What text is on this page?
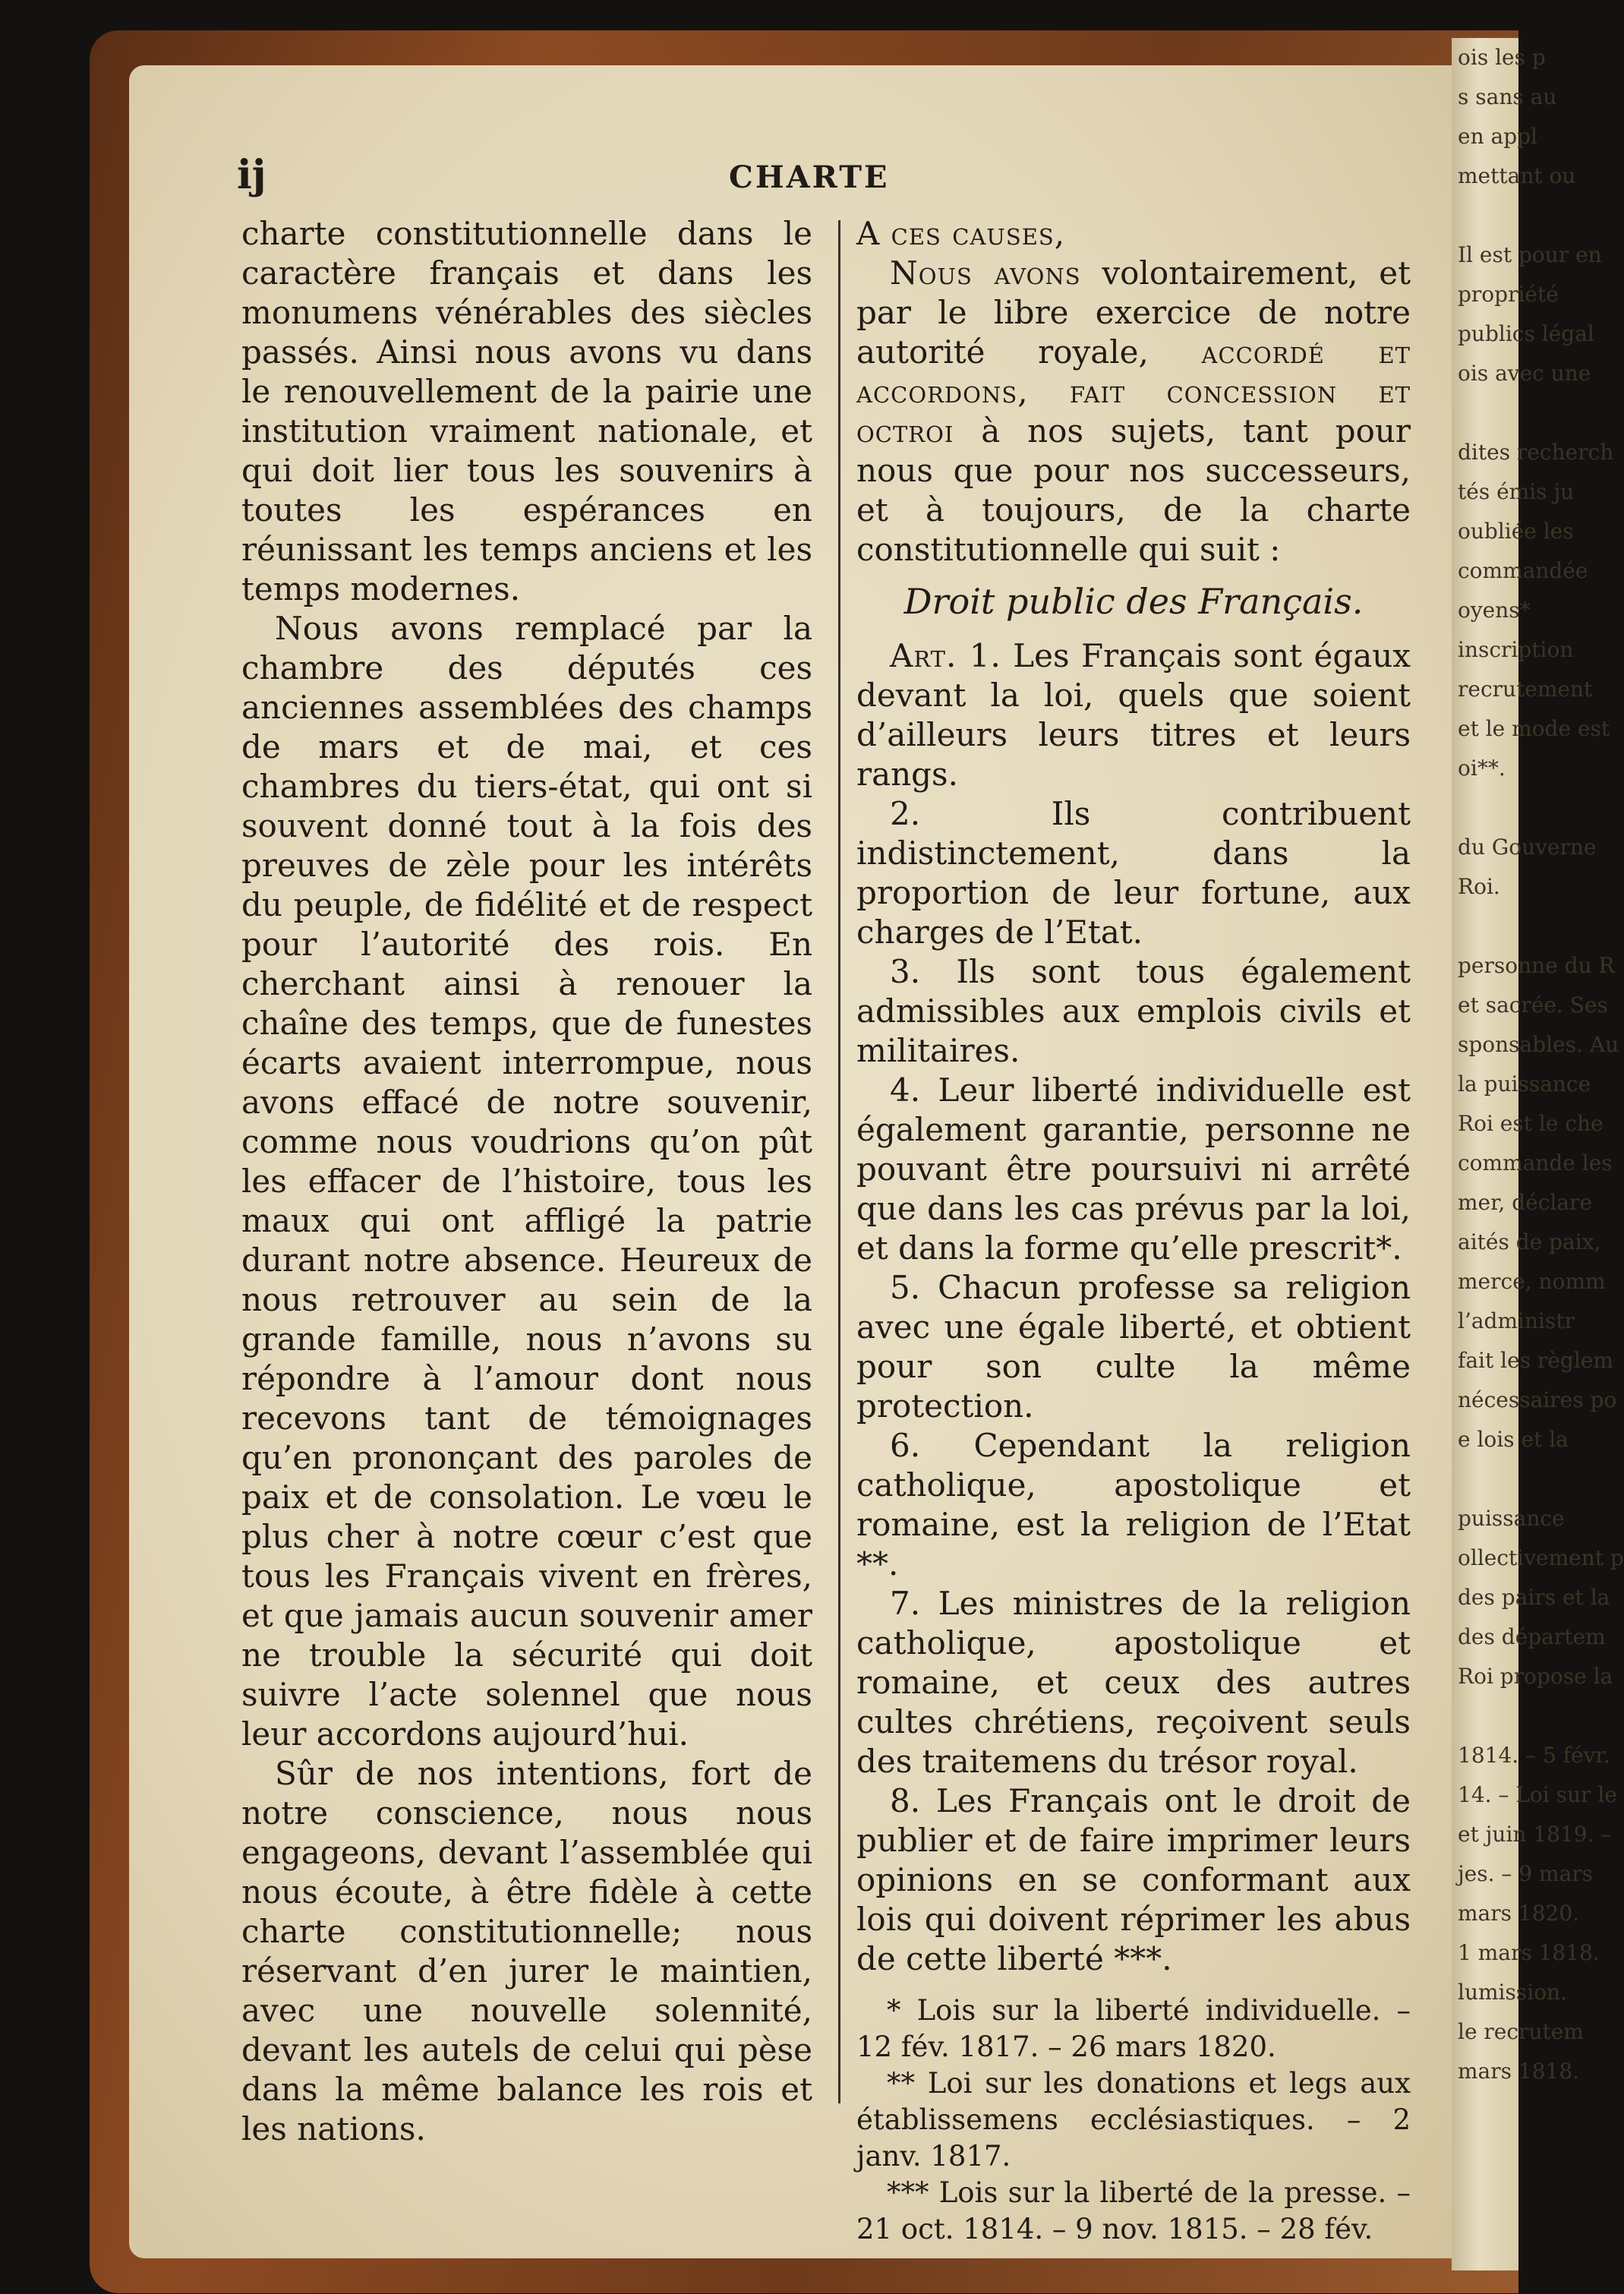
ois les p
s sans au
en appl
mettant ou

Il est pour en
propriété
publics légal
ois avec une

dites recherch
tés émis ju
oubliée les
commandée
oyens*
inscription
recrutement
et le mode est
oi**.

du Gouverne
Roi.

personne du R
et sacrée. Ses
sponsables. Au
la puissance
Roi est le che
commande les
mer, déclare
aités de paix,
merce, nomm
l’administr
fait les règlem
nécessaires po
e lois et la

puissance
ollectivement p
des pairs et la
des départem
Roi propose la

1814. – 5 févr.
14. – Loi sur le
et juin 1819. –
jes. – 9 mars
mars 1820.
1 mars 1818.
lumission.
le recrutem
mars 1818.
ij	CHARTE

charte constitutionnelle dans le caractère français et dans les monumens vénérables des siècles passés. Ainsi nous avons vu dans le renouvellement de la pairie une institution vraiment nationale, et qui doit lier tous les souvenirs à toutes les espérances en réunissant les temps anciens et les temps modernes.

Nous avons remplacé par la chambre des députés ces anciennes assemblées des champs de mars et de mai, et ces chambres du tiers-état, qui ont si souvent donné tout à la fois des preuves de zèle pour les intérêts du peuple, de fidélité et de respect pour l’autorité des rois. En cherchant ainsi à renouer la chaîne des temps, que de funestes écarts avaient interrompue, nous avons effacé de notre souvenir, comme nous voudrions qu’on pût les effacer de l’histoire, tous les maux qui ont affligé la patrie durant notre absence. Heureux de nous retrouver au sein de la grande famille, nous n’avons su répondre à l’amour dont nous recevons tant de témoignages qu’en prononçant des paroles de paix et de consolation. Le vœu le plus cher à notre cœur c’est que tous les Français vivent en frères, et que jamais aucun souvenir amer ne trouble la sécurité qui doit suivre l’acte solennel que nous leur accordons aujourd’hui.

Sûr de nos intentions, fort de notre conscience, nous nous engageons, devant l’assemblée qui nous écoute, à être fidèle à cette charte constitutionnelle; nous réservant d’en jurer le maintien, avec une nouvelle solennité, devant les autels de celui qui pèse dans la même balance les rois et les nations.

A ces causes,

Nous avons volontairement, et par le libre exercice de notre autorité royale, accordé et accordons, fait concession et octroi à nos sujets, tant pour nous que pour nos successeurs, et à toujours, de la charte constitutionnelle qui suit :

Droit public des Français.

Art. 1. Les Français sont égaux devant la loi, quels que soient d’ailleurs leurs titres et leurs rangs.

2. Ils contribuent indistinctement, dans la proportion de leur fortune, aux charges de l’Etat.

3. Ils sont tous également admissibles aux emplois civils et militaires.

4. Leur liberté individuelle est également garantie, personne ne pouvant être poursuivi ni arrêté que dans les cas prévus par la loi, et dans la forme qu’elle prescrit*.

5. Chacun professe sa religion avec une égale liberté, et obtient pour son culte la même protection.

6. Cependant la religion catholique, apostolique et romaine, est la religion de l’Etat **.

7. Les ministres de la religion catholique, apostolique et romaine, et ceux des autres cultes chrétiens, reçoivent seuls des traitemens du trésor royal.

8. Les Français ont le droit de publier et de faire imprimer leurs opinions en se conformant aux lois qui doivent réprimer les abus de cette liberté ***.

* Lois sur la liberté individuelle. – 12 fév. 1817. – 26 mars 1820.

** Loi sur les donations et legs aux établissemens ecclésiastiques. – 2 janv. 1817.

*** Lois sur la liberté de la presse. – 21 oct. 1814. – 9 nov. 1815. – 28 fév.
